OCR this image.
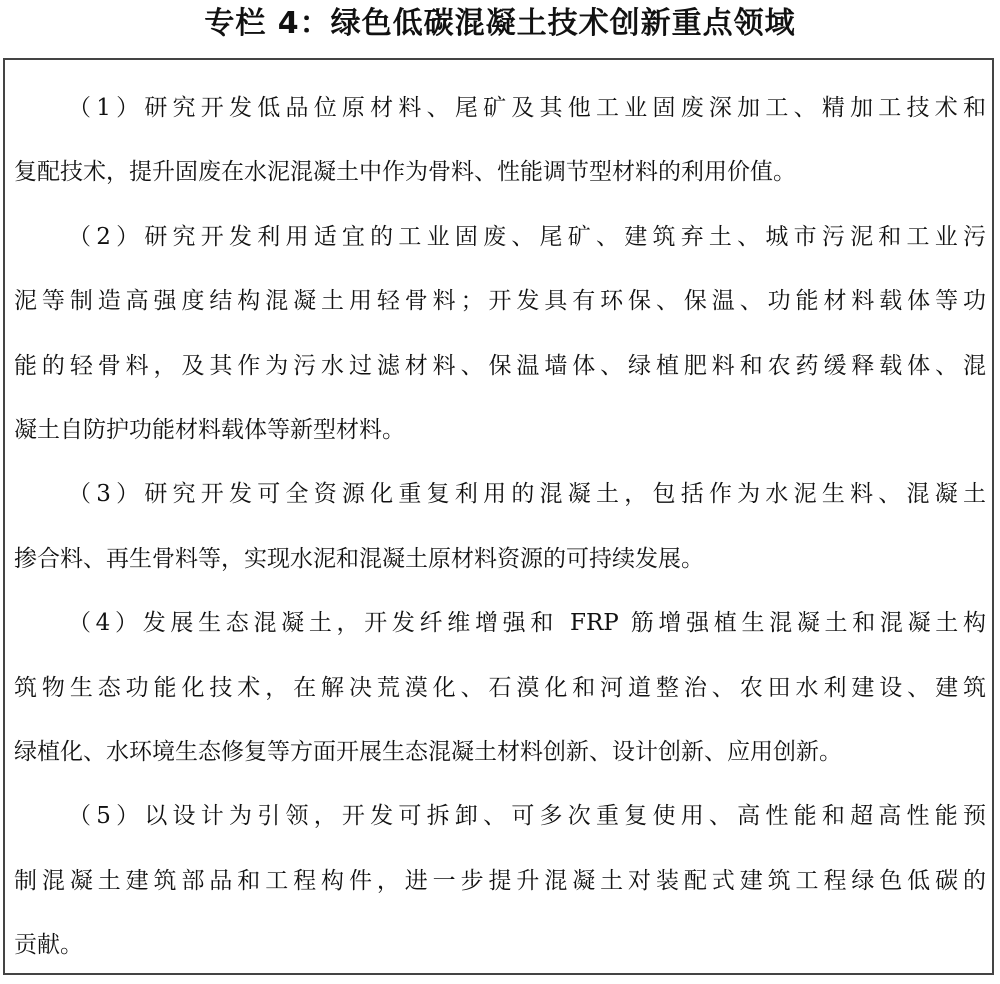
专栏 4：绿色低碳混凝土技术创新重点领域
（1）研究开发低品位原材料、尾矿及其他工业固废深加工、精加工技术和
复配技术，提升固废在水泥混凝土中作为骨料、性能调节型材料的利用价值。
（2）研究开发利用适宜的工业固废、尾矿、建筑弃土、城市污泥和工业污
泥等制造高强度结构混凝土用轻骨料；开发具有环保、保温、功能材料载体等功
能的轻骨料，及其作为污水过滤材料、保温墙体、绿植肥料和农药缓释载体、混
凝土自防护功能材料载体等新型材料。
（3）研究开发可全资源化重复利用的混凝土，包括作为水泥生料、混凝土
掺合料、再生骨料等，实现水泥和混凝土原材料资源的可持续发展。
（4）发展生态混凝土，开发纤维增强和 FRP 筋增强植生混凝土和混凝土构
筑物生态功能化技术，在解决荒漠化、石漠化和河道整治、农田水利建设、建筑
绿植化、水环境生态修复等方面开展生态混凝土材料创新、设计创新、应用创新。
（5）以设计为引领，开发可拆卸、可多次重复使用、高性能和超高性能预
制混凝土建筑部品和工程构件，进一步提升混凝土对装配式建筑工程绿色低碳的
贡献。
